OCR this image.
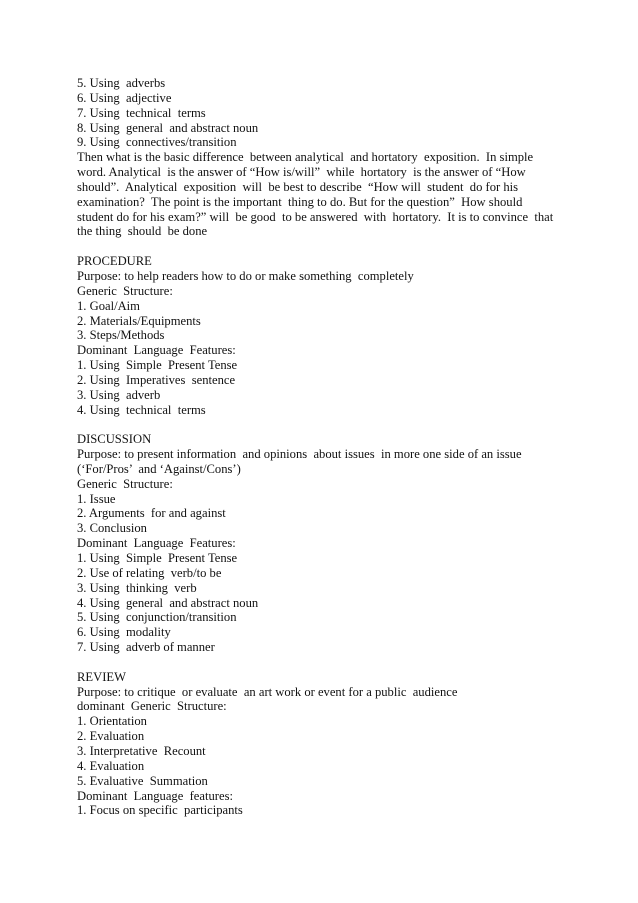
5. Using  adverbs
6. Using  adjective
7. Using  technical  terms
8. Using  general  and abstract noun
9. Using  connectives/transition
Then what is the basic difference  between analytical  and hortatory  exposition.  In simple
word. Analytical  is the answer of “How is/will”  while  hortatory  is the answer of “How
should”.  Analytical  exposition  will  be best to describe  “How will  student  do for his
examination?  The point is the important  thing to do. But for the question”  How should
student do for his exam?” will  be good  to be answered  with  hortatory.  It is to convince  that
the thing  should  be done
PROCEDURE
Purpose: to help readers how to do or make something  completely
Generic  Structure:
1. Goal/Aim
2. Materials/Equipments
3. Steps/Methods
Dominant  Language  Features:
1. Using  Simple  Present Tense
2. Using  Imperatives  sentence
3. Using  adverb
4. Using  technical  terms
DISCUSSION
Purpose: to present information  and opinions  about issues  in more one side of an issue
(‘For/Pros’  and ‘Against/Cons’)
Generic  Structure:
1. Issue
2. Arguments  for and against
3. Conclusion
Dominant  Language  Features:
1. Using  Simple  Present Tense
2. Use of relating  verb/to be
3. Using  thinking  verb
4. Using  general  and abstract noun
5. Using  conjunction/transition
6. Using  modality
7. Using  adverb of manner
REVIEW
Purpose: to critique  or evaluate  an art work or event for a public  audience
dominant  Generic  Structure:
1. Orientation
2. Evaluation
3. Interpretative  Recount
4. Evaluation
5. Evaluative  Summation
Dominant  Language  features:
1. Focus on specific  participants
